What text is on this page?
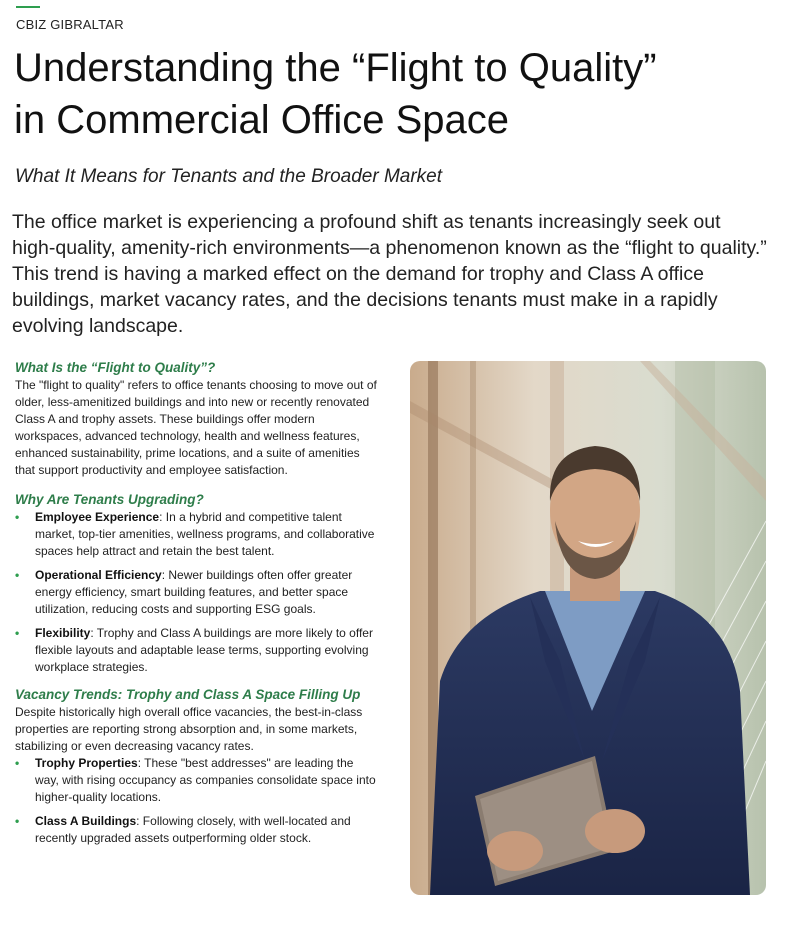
CBIZ GIBRALTAR
Understanding the “Flight to Quality”
in Commercial Office Space
What It Means for Tenants and the Broader Market

The office market is experiencing a profound shift as tenants increasingly seek out high-quality, amenity-rich environments—a phenomenon known as the “flight to quality.” This trend is having a marked effect on the demand for trophy and Class A office buildings, market vacancy rates, and the decisions tenants must make in a rapidly evolving landscape.

What Is the “Flight to Quality”?

The "flight to quality" refers to office tenants choosing to move out of older, less-amenitized buildings and into new or recently renovated Class A and trophy assets. These buildings offer modern workspaces, advanced technology, health and wellness features, enhanced sustainability, prime locations, and a suite of amenities that support productivity and employee satisfaction.

Why Are Tenants Upgrading?
• Employee Experience: In a hybrid and competitive talent market, top-tier amenities, wellness programs, and collaborative spaces help attract and retain the best talent.
• Operational Efficiency: Newer buildings often offer greater energy efficiency, smart building features, and better space utilization, reducing costs and supporting ESG goals.
• Flexibility: Trophy and Class A buildings are more likely to offer flexible layouts and adaptable lease terms, supporting evolving workplace strategies.
Vacancy Trends: Trophy and Class A Space Filling Up

Despite historically high overall office vacancies, the best-in-class properties are reporting strong absorption and, in some markets, stabilizing or even decreasing vacancy rates.

• Trophy Properties: These "best addresses" are leading the way, with rising occupancy as companies consolidate space into higher-quality locations.
• Class A Buildings: Following closely, with well-located and recently upgraded assets outperforming older stock.
